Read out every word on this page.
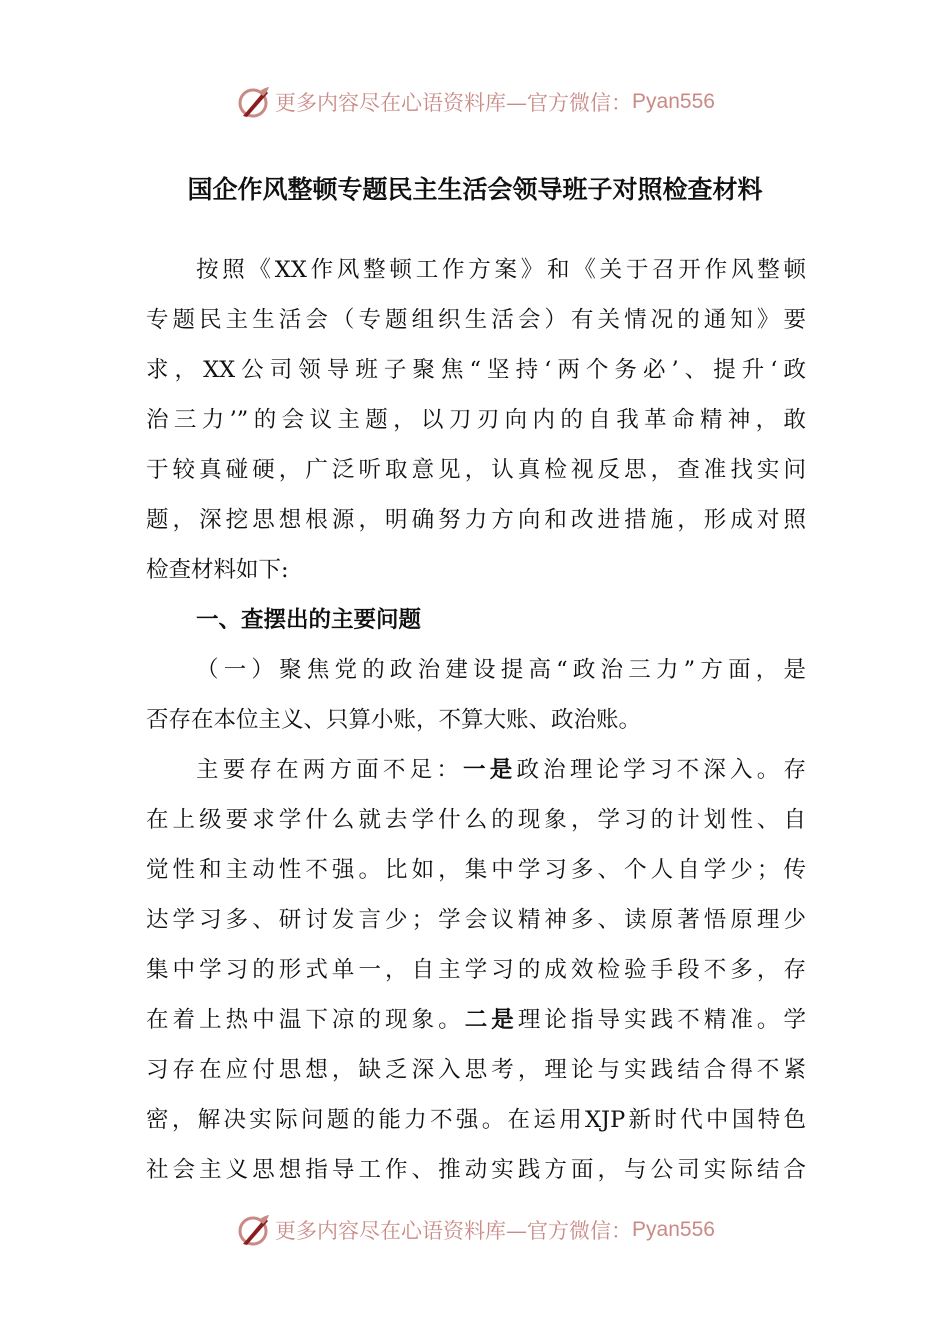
更多内容尽在心语资料库—官方微信： Pyan556
国企作风整顿专题民主生活会领导班子对照检查材料
按照《XX作风整顿工作方案》和《关于召开作风整顿
专题民主生活会（专题组织生活会）有关情况的通知》要
求，XX公司领导班子聚焦“坚持‘两个务必’、提升‘政
治三力’”的会议主题，以刀刃向内的自我革命精神，敢
于较真碰硬，广泛听取意见，认真检视反思，查准找实问
题，深挖思想根源，明确努力方向和改进措施，形成对照
检查材料如下:
一、查摆出的主要问题
（一）聚焦党的政治建设提高“政治三力”方面，是
否存在本位主义、只算小账，不算大账、政治账。
主要存在两方面不足：一是政治理论学习不深入。存
在上级要求学什么就去学什么的现象，学习的计划性、自
觉性和主动性不强。比如，集中学习多、个人自学少；传
达学习多、研讨发言少；学会议精神多、读原著悟原理少
集中学习的形式单一，自主学习的成效检验手段不多，存
在着上热中温下凉的现象。二是理论指导实践不精准。学
习存在应付思想，缺乏深入思考，理论与实践结合得不紧
密，解决实际问题的能力不强。在运用XJP新时代中国特色
社会主义思想指导工作、推动实践方面，与公司实际结合
更多内容尽在心语资料库—官方微信： Pyan556
